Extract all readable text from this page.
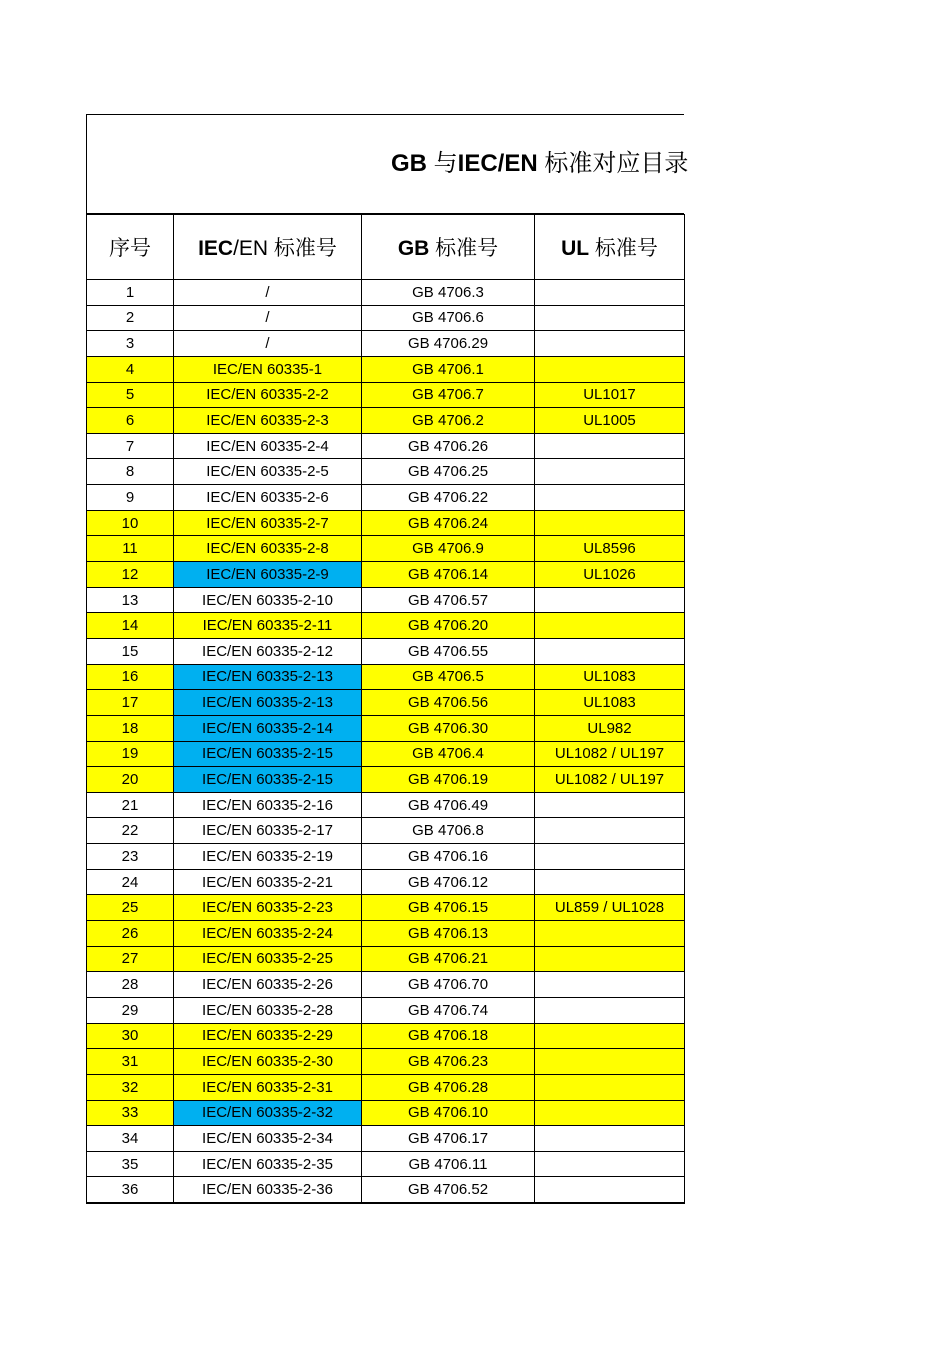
GB 与IEC/EN 标准对应目录
序号	IEC/EN 标准号	GB 标准号	UL 标准号
1	/	GB 4706.3	
2	/	GB 4706.6	
3	/	GB 4706.29	
4	IEC/EN 60335-1	GB 4706.1	
5	IEC/EN 60335-2-2	GB 4706.7	UL1017
6	IEC/EN 60335-2-3	GB 4706.2	UL1005
7	IEC/EN 60335-2-4	GB 4706.26	
8	IEC/EN 60335-2-5	GB 4706.25	
9	IEC/EN 60335-2-6	GB 4706.22	
10	IEC/EN 60335-2-7	GB 4706.24	
11	IEC/EN 60335-2-8	GB 4706.9	UL8596
12	IEC/EN 60335-2-9	GB 4706.14	UL1026
13	IEC/EN 60335-2-10	GB 4706.57	
14	IEC/EN 60335-2-11	GB 4706.20	
15	IEC/EN 60335-2-12	GB 4706.55	
16	IEC/EN 60335-2-13	GB 4706.5	UL1083
17	IEC/EN 60335-2-13	GB 4706.56	UL1083
18	IEC/EN 60335-2-14	GB 4706.30	UL982
19	IEC/EN 60335-2-15	GB 4706.4	UL1082 / UL197
20	IEC/EN 60335-2-15	GB 4706.19	UL1082 / UL197
21	IEC/EN 60335-2-16	GB 4706.49	
22	IEC/EN 60335-2-17	GB 4706.8	
23	IEC/EN 60335-2-19	GB 4706.16	
24	IEC/EN 60335-2-21	GB 4706.12	
25	IEC/EN 60335-2-23	GB 4706.15	UL859 / UL1028
26	IEC/EN 60335-2-24	GB 4706.13	
27	IEC/EN 60335-2-25	GB 4706.21	
28	IEC/EN 60335-2-26	GB 4706.70	
29	IEC/EN 60335-2-28	GB 4706.74	
30	IEC/EN 60335-2-29	GB 4706.18	
31	IEC/EN 60335-2-30	GB 4706.23	
32	IEC/EN 60335-2-31	GB 4706.28	
33	IEC/EN 60335-2-32	GB 4706.10	
34	IEC/EN 60335-2-34	GB 4706.17	
35	IEC/EN 60335-2-35	GB 4706.11	
36	IEC/EN 60335-2-36	GB 4706.52	
